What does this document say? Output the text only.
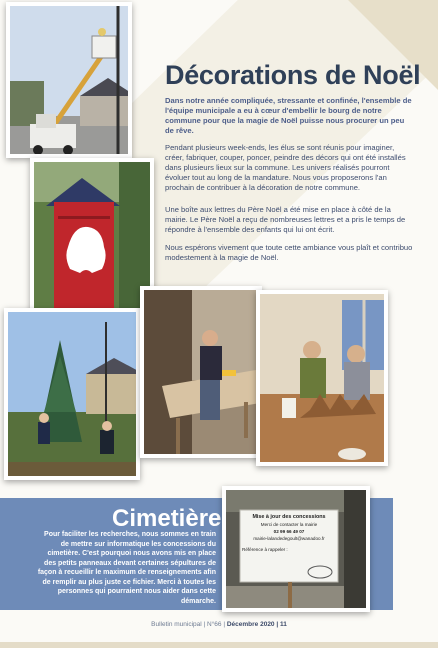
Décorations de Noël

Dans notre année compliquée, stressante et confinée, l'ensemble de l'équipe municipale a eu à cœur d'embellir le bourg de notre commune pour que la magie de Noël puisse nous procurer un peu de rêve.

Pendant plusieurs week-ends, les élus se sont réunis pour imaginer, créer, fabriquer, couper, poncer, peindre des décors qui ont été installés dans plusieurs lieux sur la commune. Les univers réalisés pourront évoluer tout au long de la mandature. Nous vous proposerons l'an prochain de contribuer à la décoration de notre commune.

Une boîte aux lettres du Père Noël a été mise en place à côté de la mairie. Le Père Noël a reçu de nombreuses lettres et a pris le temps de répondre à l'ensemble des enfants qui lui ont écrit.

Nous espérons vivement que toute cette ambiance vous plaît et contribuo modestement à la magie de Noël.

Cimetière

Pour faciliter les recherches, nous sommes en train de mettre sur informatique les concessions du cimetière. C'est pourquoi nous avons mis en place des petits panneaux devant certaines sépultures de façon à recueillir le maximum de renseignements afin de remplir au plus juste ce fichier. Merci à toutes les personnes qui pourraient nous aider dans cette démarche.

Mise à jour des concessions
Merci de contacter la mairie
02 99 66 49 07
mairie-lalandedegoult@wanadoo.fr
Référence à rappeler :
Bulletin municipal | N°66 | Décembre 2020 | 11
